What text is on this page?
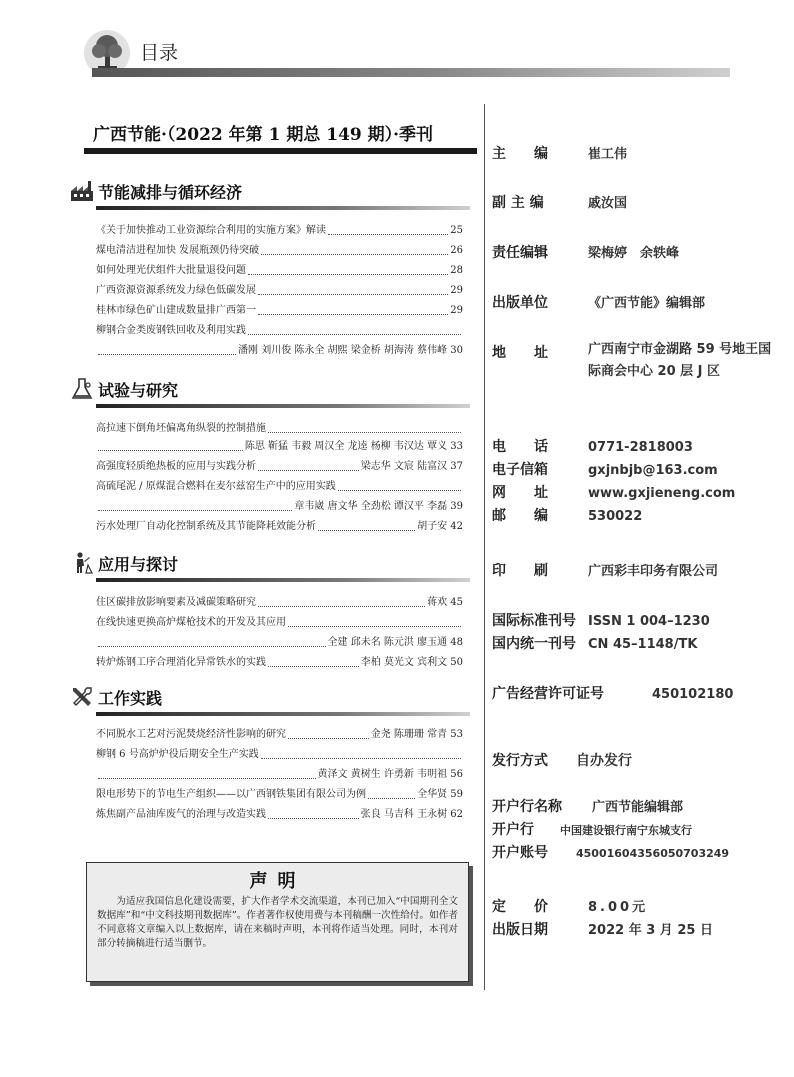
目录
广西节能·（2022 年第 1 期总 149 期）·季刊
节能减排与循环经济
《关于加快推动工业资源综合利用的实施方案》解读	25
煤电清洁进程加快 发展瓶颈仍待突破	26
如何处理光伏组件大批量退役问题	28
广西资源资源系统发力绿色低碳发展	29
桂林市绿色矿山建成数量排广西第一	29
柳钢合金类废钢铁回收及利用实践
潘刚 刘川俊 陈永全 胡熙 梁金桥 胡海涛 蔡伟峰 30
试验与研究
高拉速下倒角坯偏离角纵裂的控制措施
陈思 靳猛 韦毅 周汉全 龙逵 杨柳 韦汉达 覃义 33
高强度轻质绝热板的应用与实践分析	梁志华 文宸 陆富汉 37
高硫尾泥 / 原煤混合燃料在麦尔兹窑生产中的应用实践
章韦崴 唐文华 全劲松 谭汉平 李磊 39
污水处理厂自动化控制系统及其节能降耗效能分析	胡子安 42
应用与探讨
住区碳排放影响要素及减碳策略研究	蒋欢 45
在线快速更换高炉煤枪技术的开发及其应用
全建 邱未名 陈元洪 廖玉通 48
转炉炼钢工序合理消化异常铁水的实践	李柏 莫光文 宾利文 50
工作实践
不同脱水工艺对污泥焚烧经济性影响的研究	金尧 陈珊珊 常青 53
柳钢 6 号高炉炉役后期安全生产实践
黄泽文 黄树生 许勇新 韦明祖 56
限电形势下的节电生产组织——以广西钢铁集团有限公司为例	全华贤 59
炼焦副产品油库废气的治理与改造实践	张良 马吉科 王永树 62
声明
为适应我国信息化建设需要，扩大作者学术交流渠道，本刊已加入“中国期刊全文数据库”和“中文科技期刊数据库”。作者著作权使用费与本刊稿酬一次性给付。如作者不同意将文章编入以上数据库，请在来稿时声明，本刊将作适当处理。同时，本刊对部分转摘稿进行适当删节。
主　　编	崔工伟
副 主 编	戚汝国
责任编辑	梁梅婷　余轶峰
出版单位	《广西节能》编辑部
地　　址	广西南宁市金湖路 59 号地王国际商会中心 20 层 J 区
电　　话	0771-2818003
电子信箱	gxjnbjb@163.com
网　　址	www.gxjieneng.com
邮　　编	530022
印　　刷	广西彩丰印务有限公司
国际标准刊号 ISSN 1 004–1230
国内统一刊号 CN 45–1148/TK
广告经营许可证号	450102180
发行方式 自办发行
开户行名称 广西节能编辑部
开户行 中国建设银行南宁东城支行
开户账号	45001604356050703249
定　　价	8.00元
出版日期	2022 年 3 月 25 日
